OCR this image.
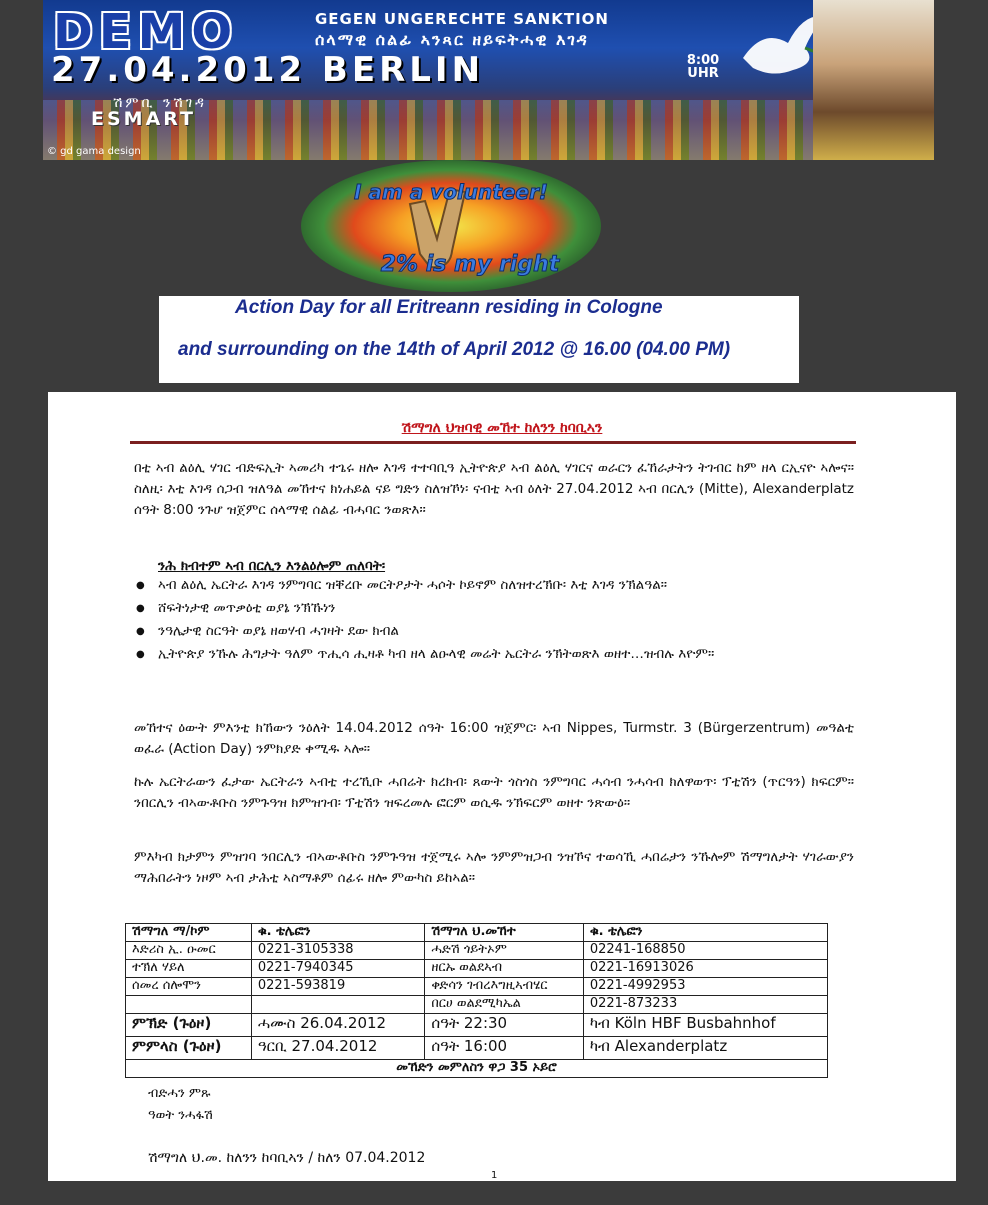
DEMO	GEGEN UNGERECHTE SANKTION
ሰላማዊ ሰልፊ ኣንጻር ዘይፍትሓዊ እገዳ
27.04.2012 BERLIN	8:00 UHR
ሽምቢ ንሽገዳ
ESMART
© gd gama design
I am a volunteer!
2% is my right
Action Day for all Eritreann residing in Cologne
and surrounding on the 14th of April 2012 @ 16.00 (04.00 PM)
ሽማግለ ህዝባዊ መኸተ ከለንን ከባቢኣን
በቲ ኣብ ልዕሊ ሃገር ብድፍኢት ኣመሪካ ተጌሩ ዘሎ እገዳ ተተባቢዓ ኢትዮጵያ ኣብ ልዕሊ ሃገርና ወራርን ፈኸራታትን ትገብር ከም ዘላ ርኢናዮ ኣሎና። ስለዚ፡ እቲ እገዳ ሰጋብ ዝለዓል መኸተና ክነሐይል ናይ ግድን ስለዝኾነ፡ ናብቲ ኣብ ዕለት 27.04.2012 ኣብ በርሊን (Mitte), Alexanderplatz ሰዓት 8:00 ንጉሆ ዝጀምር ሰላማዊ ሰልፊ ብሓባር ንወጽእ።
ንሕ ክብተም ኣብ በርሊን እንልዕሎም ጠለባት፡
● ኣብ ልዕሊ ኤርትራ እገዳ ንምግባር ዝቐረቡ መርትዖታት ሓሶት ኮይኖም ስለዝተረኽቡ፡ እቲ እገዳ ንኽልዓል።
● ሸፍትነታዊ መጥቃዕቲ ወያኔ ንኽኹነን
● ንዓሌታዊ ስርዓት ወያኔ ዘወሃብ ሓገዛት ደው ክብል
● ኢትዮጵያ ንኹሉ ሕግታት ዓለም ጥሒሳ ሒዛቶ ካብ ዘላ ልዑላዊ መሬት ኤርትራ ንኽትወጽእ ወዘተ…ዝብሉ እዮም።
መኸተና ዕውት ምእንቲ ክኸውን ንዕለት 14.04.2012 ሰዓት 16:00 ዝጀምር፡ ኣብ Nippes, Turmstr. 3 (Bürgerzentrum) መዓልቲ ወፈራ (Action Day) ንምክያድ ቀሚዱ ኣሎ።
ኩሉ ኤርትራውን ፈታው ኤርትራን ኣብቲ ተረኺቡ ሓበሬት ክረክብ፡ ጸውት ጎስጎስ ንምግባር ሓሳብ ንሓሳብ ክለዋወጥ፡ ፕቲሽን (ጥርዓን) ክፍርም። ንበርሊን ብኣውቶቡስ ንምጉዓዝ ክምዝገብ፡ ፕቲሽን ዝፍረመሉ ፎርም ወሲዱ ንኽፍርም ወዘተ ንጽውዕ።
ምእካብ ክታምን ምዝገባ ንበርሊን ብኣውቶቡስ ንምጉዓዝ ተጀሚሩ ኣሎ ንምምዝጋብ ንዝኾና ተወሳኺ ሓበሬታን ንኹሎም ሽማግለታት ሃገራውያን ማሕበራትን ነዞም ኣብ ታሕቲ ኣስማቶም ሰፊሩ ዘሎ ምውካስ ይከኣል።
ሽማግለ ማ/ኮም	ቁ. ቴሌፎን	ሽማግለ ህ.መኸተ	ቁ. ቴሌፎን
እድሪስ ኢ. ዑመር	0221-3105338	ሓድሽ ጎይትኦም	02241-168850
ተኽለ ሃይለ	0221-7940345	ዘርኡ ወልደኣብ	0221-16913026
ሰመረ ሰሎሞን	0221-593819	ቀድሳን ገብረእግዚኣብሄር	0221-4992953
		በርሀ ወልደሚካኤል	0221-873233
ምኽድ (ጉዕዞ)	ሓሙስ 26.04.2012	ሰዓት 22:30	ካብ Köln HBF Busbahnhof
ምምላስ (ጉዕዞ)	ዓርቢ 27.04.2012	ሰዓት 16:00	ካብ Alexanderplatz
መኸድን መምለስን ዋጋ 35 ኦይሮ			
ብድሓን ምጹ
ዓወት ንሓፋሽ
ሽማግለ ህ.መ. ከለንን ከባቢኣን / ከለን 07.04.2012
1
